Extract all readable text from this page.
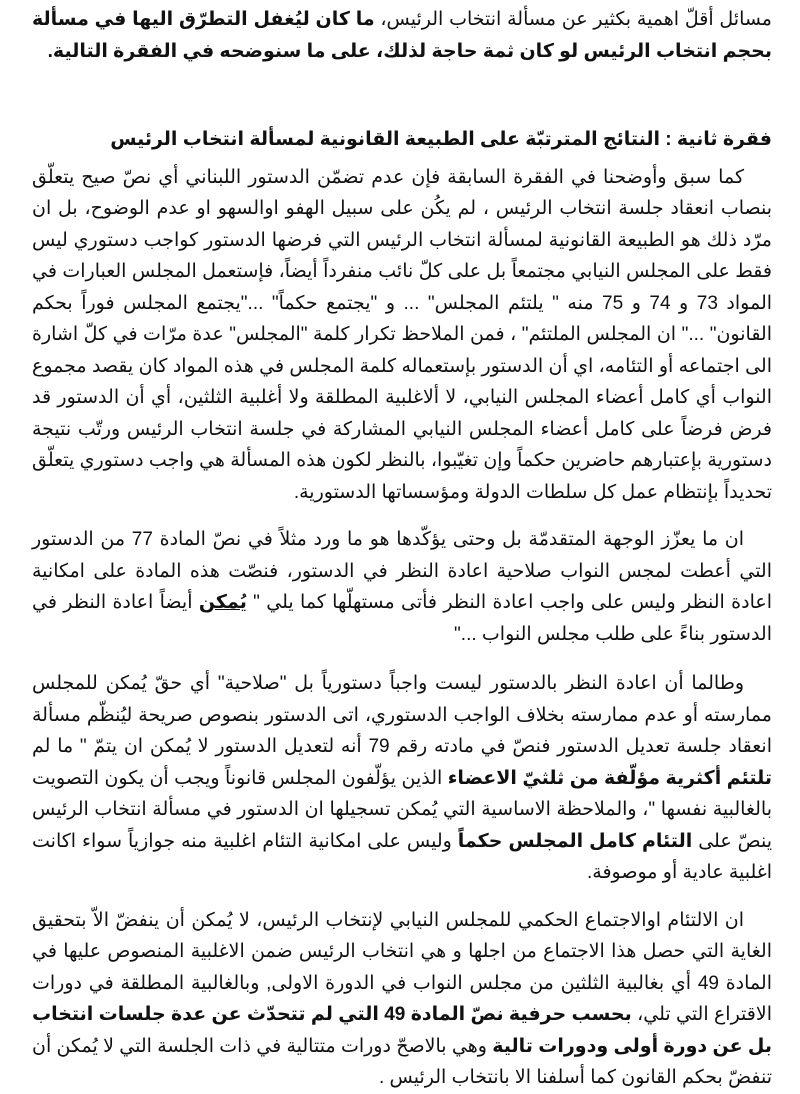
مسائل أقلّ اهمية بكثير عن مسألة انتخاب الرئيس، ما كان ليُغفل التطرّق اليها في مسألة بحجم انتخاب الرئيس لو كان ثمة حاجة لذلك، على ما سنوضحه في الفقرة التالية.

فقرة ثانية : النتائج المترتبّة على الطبيعة القانونية لمسألة انتخاب الرئيس

كما سبق وأوضحنا في الفقرة السابقة فإن عدم تضمّن الدستور اللبناني أي نصّ صيح يتعلّق بنصاب انعقاد جلسة انتخاب الرئيس ، لم يكُن على سبيل الهفو اوالسهو او عدم الوضوح، بل ان مرّد ذلك هو الطبيعة القانونية لمسألة انتخاب الرئيس التي فرضها الدستور كواجب دستوري ليس فقط على المجلس النيابي مجتمعاً بل على كلّ نائب منفرداً أيضاً، فإستعمل المجلس العبارات في المواد 73 و 74 و 75 منه " يلتئم المجلس" ... و "يجتمع حكماً" ..."يجتمع المجلس فوراً بحكم القانون" ..." ان المجلس الملتئم" ، فمن الملاحظ تكرار كلمة "المجلس" عدة مرّات في كلّ اشارة الى اجتماعه أو التئامه، اي أن الدستور بإستعماله كلمة المجلس في هذه المواد كان يقصد مجموع النواب أي كامل أعضاء المجلس النيابي، لا ألاغلبية المطلقة ولا أغلبية الثلثين، أي أن الدستور قد فرض فرضاً على كامل أعضاء المجلس النيابي المشاركة في جلسة انتخاب الرئيس ورتّب نتيجة دستورية بإعتبارهم حاضرين حكماً وإن تغيّبوا، بالنظر لكون هذه المسألة هي واجب دستوري يتعلّق تحديداً بإنتظام عمل كل سلطات الدولة ومؤسساتها الدستورية.

ان ما يعزّز الوجهة المتقدمّة بل وحتى يؤكّدها هو ما ورد مثلاً في نصّ المادة 77 من الدستور التي أعطت لمجس النواب صلاحية اعادة النظر في الدستور، فنصّت هذه المادة على امكانية اعادة النظر وليس على واجب اعادة النظر فأتى مستهلّها كما يلي " يُمكن أيضاً اعادة النظر في الدستور بناءً على طلب مجلس النواب ..."

وطالما أن اعادة النظر بالدستور ليست واجباً دستورياً بل "صلاحية" أي حقّ يُمكن للمجلس ممارسته أو عدم ممارسته بخلاف الواجب الدستوري، اتى الدستور بنصوص صريحة ليُنظّم مسألة انعقاد جلسة تعديل الدستور فنصّ في مادته رقم 79 أنه لتعديل الدستور لا يُمكن ان يتمّ " ما لم تلتئم أكثرية مؤلّفة من ثلثيّ الاعضاء الذين يؤلّفون المجلس قانوناً ويجب أن يكون التصويت بالغالبية نفسها "، والملاحظة الاساسية التي يُمكن تسجيلها ان الدستور في مسألة انتخاب الرئيس ينصّ على التئام كامل المجلس حكماً وليس على امكانية التئام اغلبية منه جوازياً سواء اكانت اغلبية عادية أو موصوفة.

ان الالتئام اوالاجتماع الحكمي للمجلس النيابي لإنتخاب الرئيس، لا يُمكن أن ينفضّ الاّ بتحقيق الغاية التي حصل هذا الاجتماع من اجلها و هي انتخاب الرئيس ضمن الاغلبية المنصوص عليها في المادة 49 أي بغالبية الثلثين من مجلس النواب في الدورة الاولى, وبالغالبية المطلقة في دورات الاقتراع التي تلي، بحسب حرفية نصّ المادة 49 التي لم تتحدّث عن عدة جلسات انتخاب بل عن دورة أولى ودورات تالية وهي بالاصحّ دورات متتالية في ذات الجلسة التي لا يُمكن أن تنفضّ بحكم القانون كما أسلفنا الا بانتخاب الرئيس .
